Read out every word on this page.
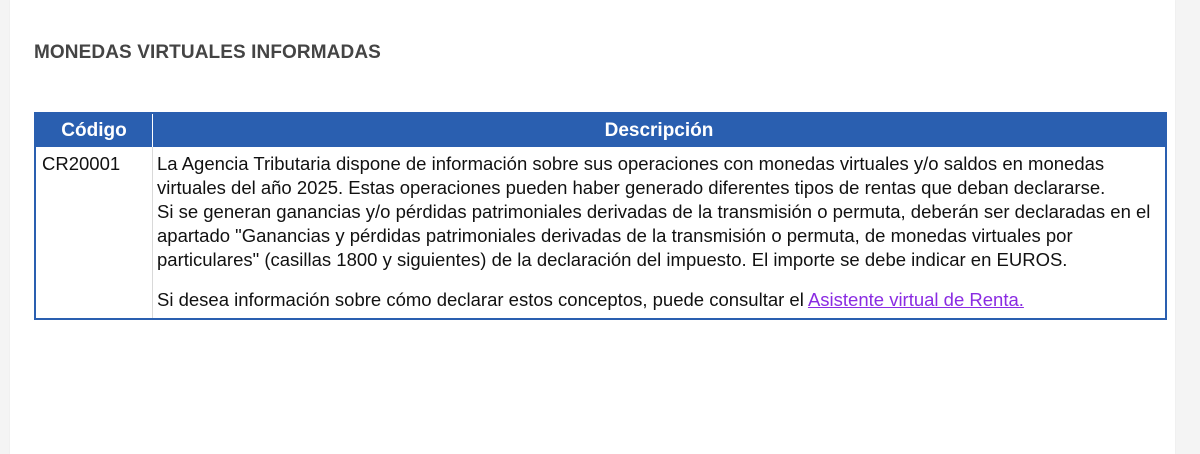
MONEDAS VIRTUALES INFORMADAS
Código	Descripción
CR20001	La Agencia Tributaria dispone de información sobre sus operaciones con monedas virtuales y/o saldos en monedas virtuales del año 2025. Estas operaciones pueden haber generado diferentes tipos de rentas que deban declararse.
Si se generan ganancias y/o pérdidas patrimoniales derivadas de la transmisión o permuta, deberán ser declaradas en el apartado "Ganancias y pérdidas patrimoniales derivadas de la transmisión o permuta, de monedas virtuales por particulares" (casillas 1800 y siguientes) de la declaración del impuesto. El importe se debe indicar en EUROS.
Si desea información sobre cómo declarar estos conceptos, puede consultar el Asistente virtual de Renta.
